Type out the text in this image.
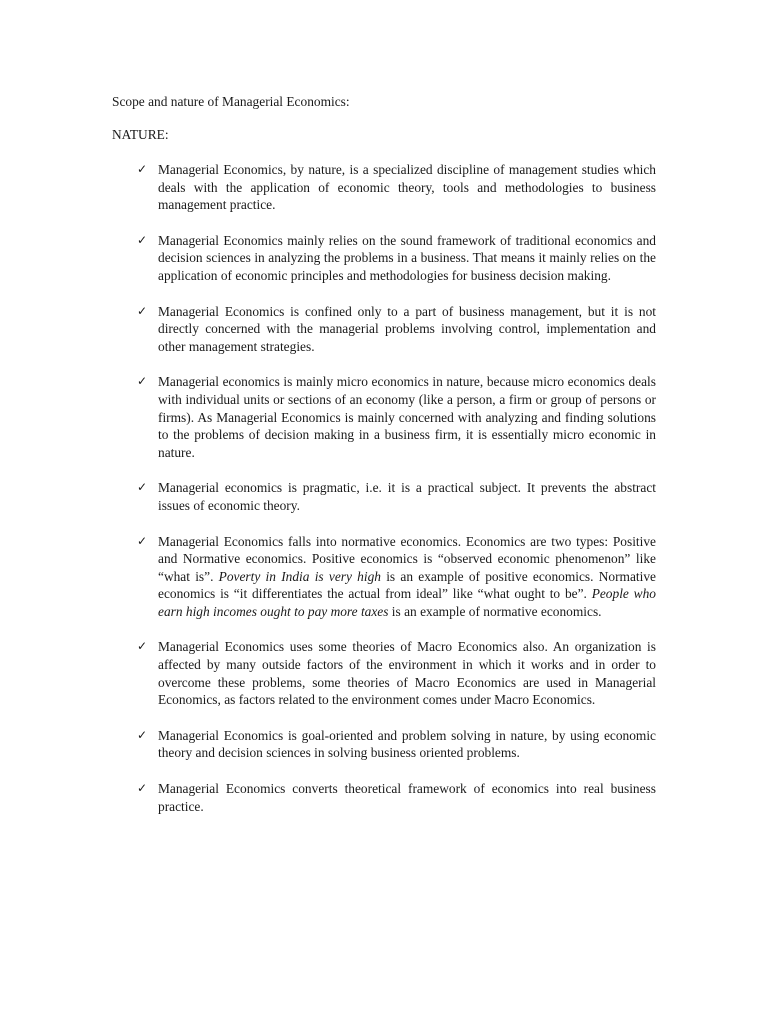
Scope and nature of Managerial Economics:

NATURE:

✓ Managerial Economics, by nature, is a specialized discipline of management studies which deals with the application of economic theory, tools and methodologies to business management practice.
✓ Managerial Economics mainly relies on the sound framework of traditional economics and decision sciences in analyzing the problems in a business. That means it mainly relies on the application of economic principles and methodologies for business decision making.
✓ Managerial Economics is confined only to a part of business management, but it is not directly concerned with the managerial problems involving control, implementation and other management strategies.
✓ Managerial economics is mainly micro economics in nature, because micro economics deals with individual units or sections of an economy (like a person, a firm or group of persons or firms). As Managerial Economics is mainly concerned with analyzing and finding solutions to the problems of decision making in a business firm, it is essentially micro economic in nature.
✓ Managerial economics is pragmatic, i.e. it is a practical subject. It prevents the abstract issues of economic theory.
✓ Managerial Economics falls into normative economics. Economics are two types: Positive and Normative economics. Positive economics is “observed economic phenomenon” like “what is”. Poverty in India is very high is an example of positive economics. Normative economics is “it differentiates the actual from ideal” like “what ought to be”. People who earn high incomes ought to pay more taxes is an example of normative economics.
✓ Managerial Economics uses some theories of Macro Economics also. An organization is affected by many outside factors of the environment in which it works and in order to overcome these problems, some theories of Macro Economics are used in Managerial Economics, as factors related to the environment comes under Macro Economics.
✓ Managerial Economics is goal-oriented and problem solving in nature, by using economic theory and decision sciences in solving business oriented problems.
✓ Managerial Economics converts theoretical framework of economics into real business practice.
